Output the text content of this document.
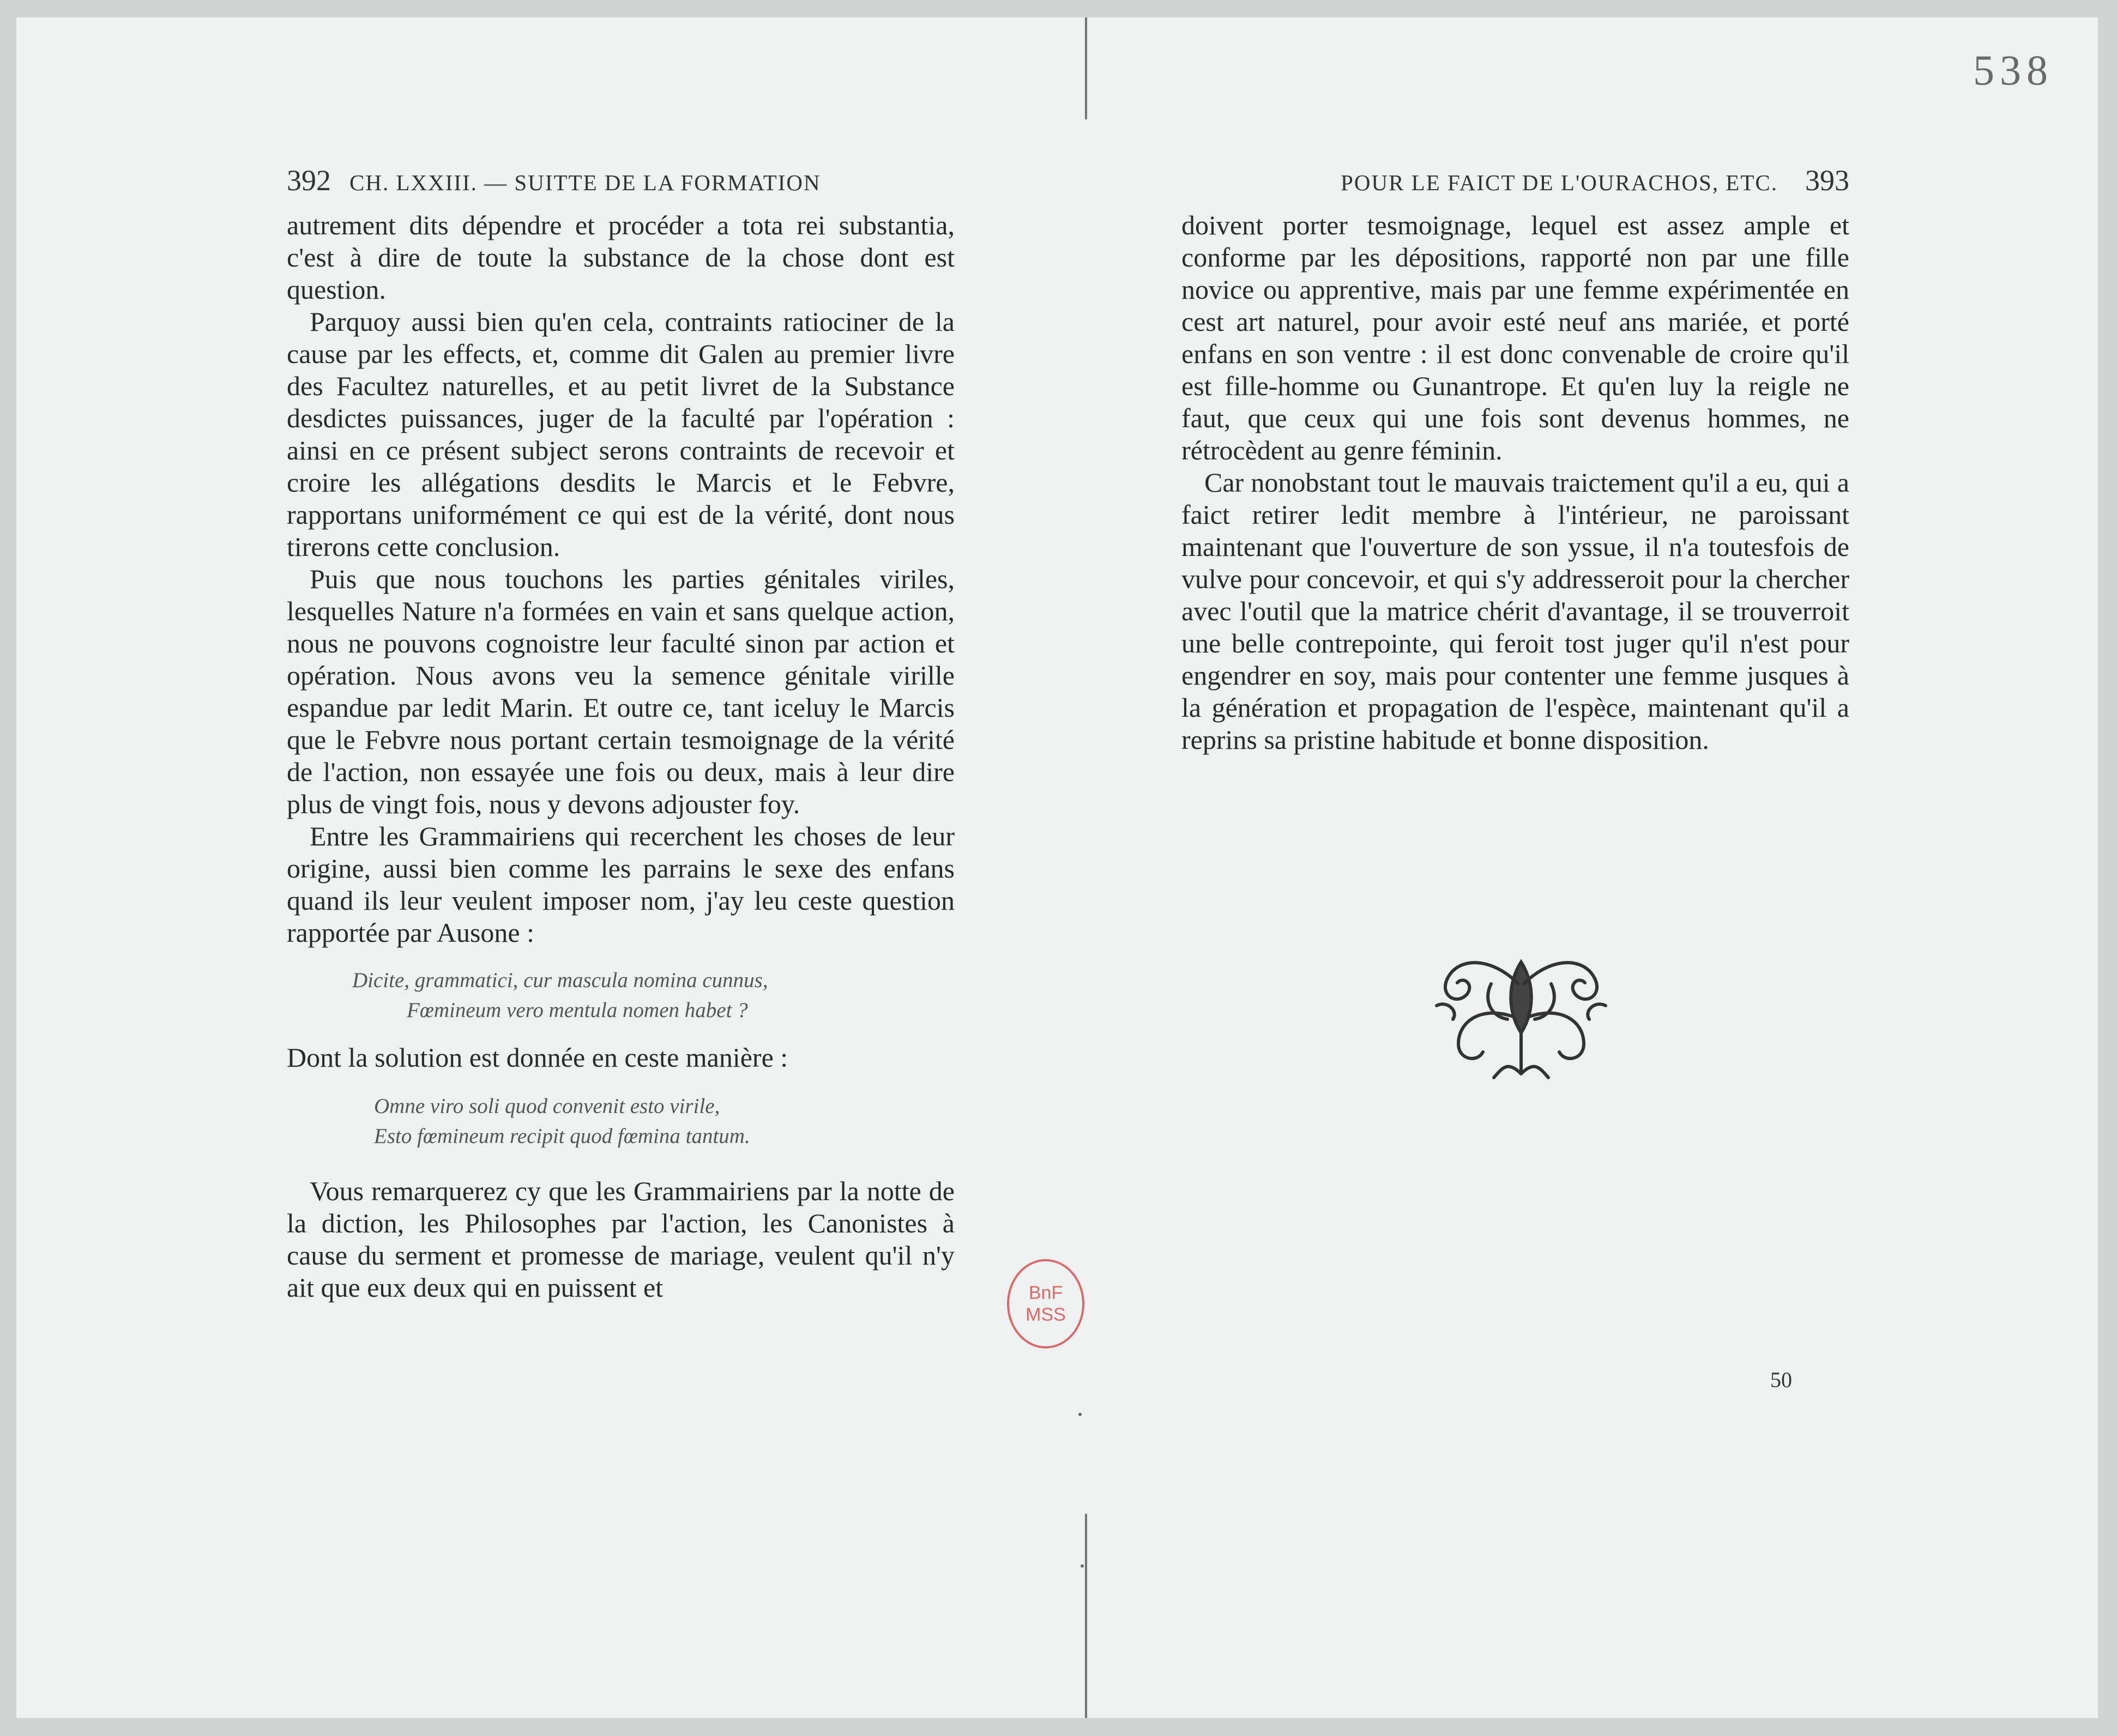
538
392 CH. LXXIII. — SUITTE DE LA FORMATION

autrement dits dépendre et procéder a tota rei substantia, c'est à dire de toute la substance de la chose dont est question.

Parquoy aussi bien qu'en cela, contraints ratiociner de la cause par les effects, et, comme dit Galen au premier livre des Facultez naturelles, et au petit livret de la Substance desdictes puissances, juger de la faculté par l'opération : ainsi en ce présent subject serons contraints de recevoir et croire les allégations desdits le Marcis et le Febvre, rapportans uniformément ce qui est de la vérité, dont nous tirerons cette conclusion.

Puis que nous touchons les parties génitales viriles, lesquelles Nature n'a formées en vain et sans quelque action, nous ne pouvons cognoistre leur faculté sinon par action et opération. Nous avons veu la semence génitale virille espandue par ledit Marin. Et outre ce, tant iceluy le Marcis que le Febvre nous portant certain tesmoignage de la vérité de l'action, non essayée une fois ou deux, mais à leur dire plus de vingt fois, nous y devons adjouster foy.

Entre les Grammairiens qui recerchent les choses de leur origine, aussi bien comme les parrains le sexe des enfans quand ils leur veulent imposer nom, j'ay leu ceste question rapportée par Ausone :

Dicite, grammatici, cur mascula nomina cunnus,
Fœmineum vero mentula nomen habet ?

Dont la solution est donnée en ceste manière :

Omne viro soli quod convenit esto virile,
Esto fœmineum recipit quod fœmina tantum.

Vous remarquerez cy que les Grammairiens par la notte de la diction, les Philosophes par l'action, les Canonistes à cause du serment et promesse de mariage, veulent qu'il n'y ait que eux deux qui en puissent et

POUR LE FAICT DE L'OURACHOS, ETC. 393

doivent porter tesmoignage, lequel est assez ample et conforme par les dépositions, rapporté non par une fille novice ou apprentive, mais par une femme expérimentée en cest art naturel, pour avoir esté neuf ans mariée, et porté enfans en son ventre : il est donc convenable de croire qu'il est fille-homme ou Gunantrope. Et qu'en luy la reigle ne faut, que ceux qui une fois sont devenus hommes, ne rétrocèdent au genre féminin.

Car nonobstant tout le mauvais traictement qu'il a eu, qui a faict retirer ledit membre à l'intérieur, ne paroissant maintenant que l'ouverture de son yssue, il n'a toutesfois de vulve pour concevoir, et qui s'y addresseroit pour la chercher avec l'outil que la matrice chérit d'avantage, il se trouverroit une belle contrepointe, qui feroit tost juger qu'il n'est pour engendrer en soy, mais pour contenter une femme jusques à la génération et propagation de l'espèce, maintenant qu'il a reprins sa pristine habitude et bonne disposition.

BnF
MSS
50
